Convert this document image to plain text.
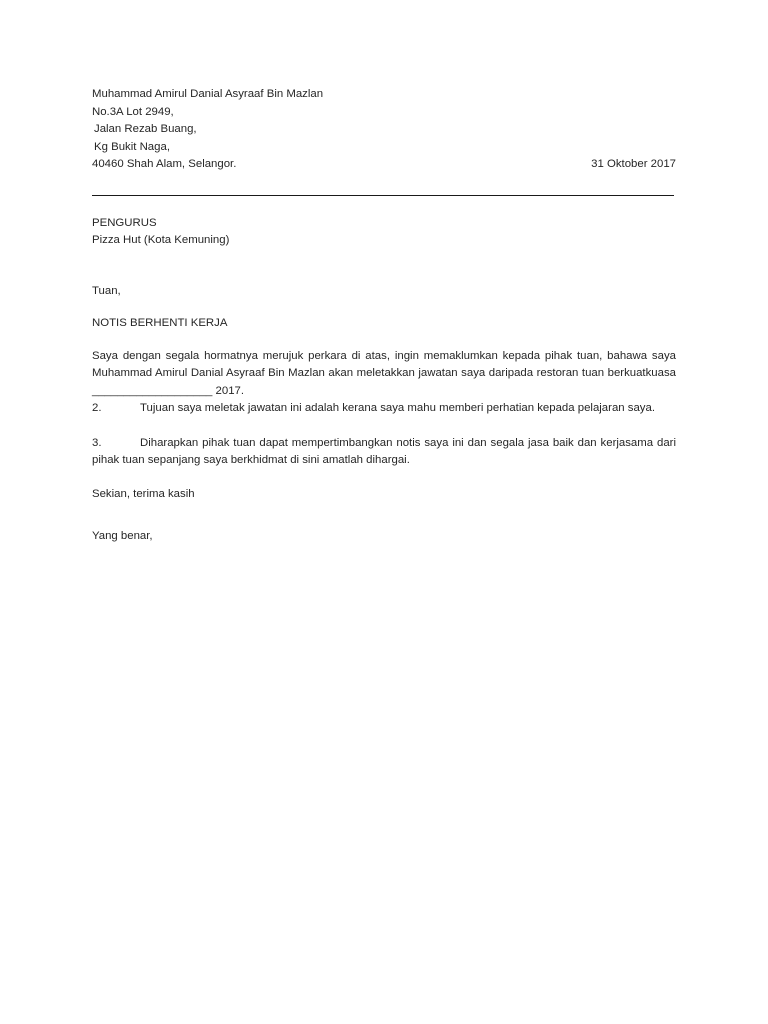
Muhammad Amirul Danial Asyraaf Bin Mazlan
No.3A Lot 2949,
Jalan Rezab Buang,
Kg Bukit Naga,
40460 Shah Alam, Selangor.	31 Oktober 2017
PENGURUS
Pizza Hut (Kota Kemuning)
Tuan,
NOTIS BERHENTI KERJA
Saya dengan segala hormatnya merujuk perkara di atas, ingin memaklumkan kepada pihak tuan, bahawa saya Muhammad Amirul Danial Asyraaf Bin Mazlan akan meletakkan jawatan saya daripada restoran tuan berkuatkuasa ___________________ 2017.
2.	Tujuan saya meletak jawatan ini adalah kerana saya mahu memberi perhatian kepada pelajaran saya.
3.	Diharapkan pihak tuan dapat mempertimbangkan notis saya ini dan segala jasa baik dan kerjasama dari pihak tuan sepanjang saya berkhidmat di sini amatlah dihargai.
Sekian, terima kasih
Yang benar,
